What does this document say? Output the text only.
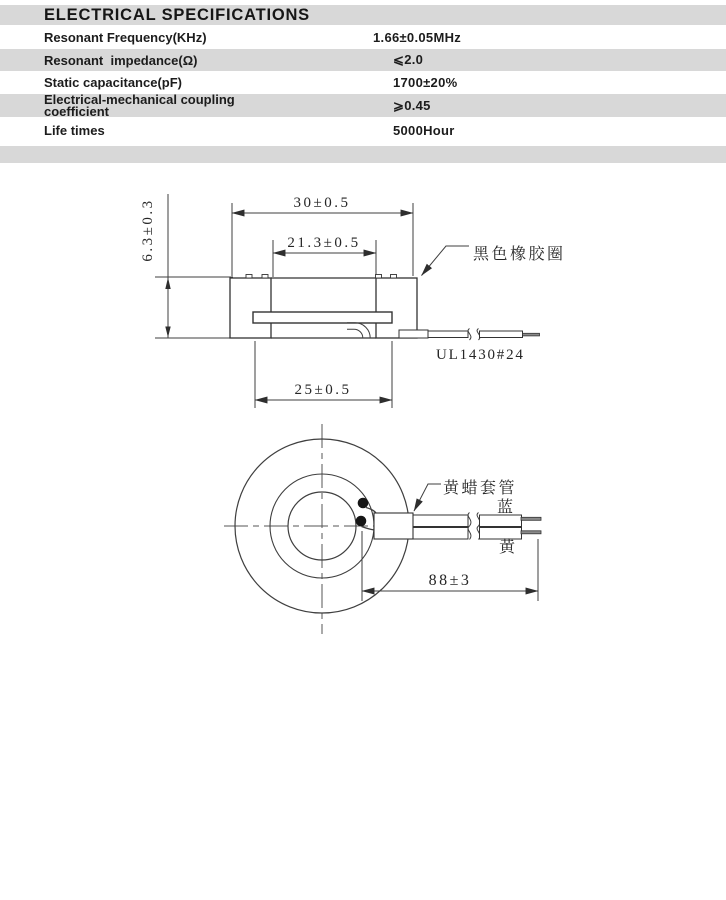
ELECTRICAL SPECIFICATIONS
Resonant Frequency(KHz)	1.66±0.05MHz
Resonant  impedance(Ω)	⩽2.0
Static capacitance(pF)	1700±20%
Electrical-mechanical coupling coefficient	⩾0.45
Life times	5000Hour
6.3±0.3	30±0.5
21.3±0.5
25±0.5
黑色橡胶圈
UL1430#24
88±3
黄蜡套管
蓝
黄
